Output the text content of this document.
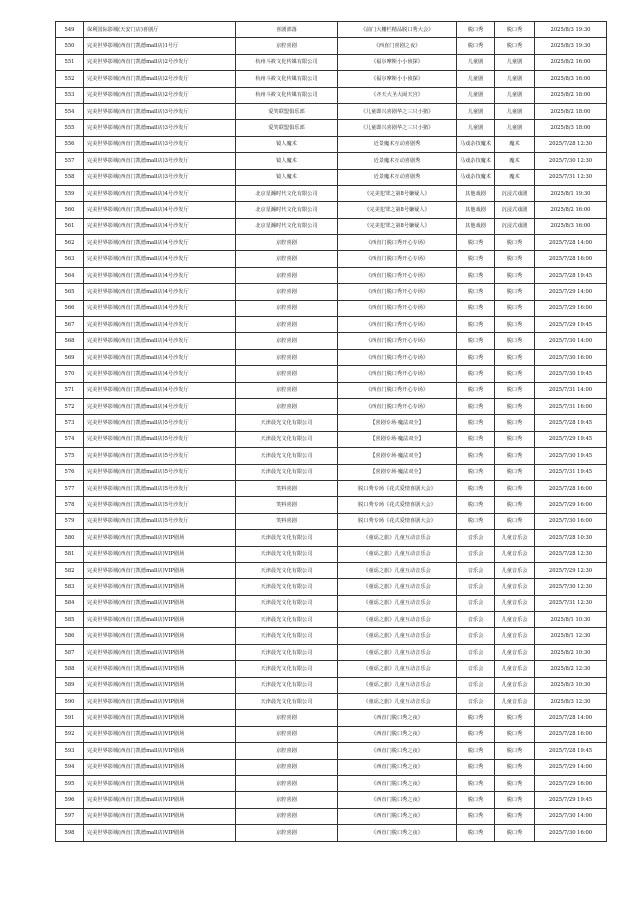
549	保利国际影城(天安门店)喜剧厅	喜剧部落	《前门大栅栏精品脱口秀大会》	脱口秀	脱口秀	2025/8/3 19:30
550	完美世界影城(西直门凯德mall店)1号厅	京腔喜剧	《西直门喜剧之夜》	脱口秀	脱口秀	2025/8/3 19:30
551	完美世界影城(西直门凯德mall店)2号沙发厅	杭州斗筱文化传媒有限公司	《福尔摩斯小小侦探》	儿童剧	儿童剧	2025/8/2 16:00
552	完美世界影城(西直门凯德mall店)2号沙发厅	杭州斗筱文化传媒有限公司	《福尔摩斯小小侦探》	儿童剧	儿童剧	2025/8/3 16:00
553	完美世界影城(西直门凯德mall店)2号沙发厅	杭州斗筱文化传媒有限公司	《齐天大圣大闹天宫》	儿童剧	儿童剧	2025/8/2 18:00
554	完美世界影城(西直门凯德mall店)3号沙发厅	爱笑联盟俱乐部	《儿童即兴喜剧华之三只小猪》	儿童剧	儿童剧	2025/8/2 18:00
555	完美世界影城(西直门凯德mall店)3号沙发厅	爱笑联盟俱乐部	《儿童即兴喜剧华之三只小猪》	儿童剧	儿童剧	2025/8/3 18:00
556	完美世界影城(西直门凯德mall店)3号沙发厅	镜人魔术	近景魔术互动喜剧秀	马戏杂技魔术	魔术	2025/7/28 12:30
557	完美世界影城(西直门凯德mall店)3号沙发厅	镜人魔术	近景魔术互动喜剧秀	马戏杂技魔术	魔术	2025/7/30 12:30
558	完美世界影城(西直门凯德mall店)3号沙发厅	镜人魔术	近景魔术互动喜剧秀	马戏杂技魔术	魔术	2025/7/31 12:30
559	完美世界影城(西直门凯德mall店)4号沙发厅	北京星瀚时代文化有限公司	《完美犯罪之第8号嫌疑人》	其他戏剧	沉浸式戏剧	2025/8/1 19:30
560	完美世界影城(西直门凯德mall店)4号沙发厅	北京星瀚时代文化有限公司	《完美犯罪之第8号嫌疑人》	其他戏剧	沉浸式戏剧	2025/8/2 16:00
561	完美世界影城(西直门凯德mall店)4号沙发厅	北京星瀚时代文化有限公司	《完美犯罪之第8号嫌疑人》	其他戏剧	沉浸式戏剧	2025/8/3 16:00
562	完美世界影城(西直门凯德mall店)4号沙发厅	京腔喜剧	《西直门脱口秀开心专场》	脱口秀	脱口秀	2025/7/28 14:00
563	完美世界影城(西直门凯德mall店)4号沙发厅	京腔喜剧	《西直门脱口秀开心专场》	脱口秀	脱口秀	2025/7/28 16:00
564	完美世界影城(西直门凯德mall店)4号沙发厅	京腔喜剧	《西直门脱口秀开心专场》	脱口秀	脱口秀	2025/7/28 19:45
565	完美世界影城(西直门凯德mall店)4号沙发厅	京腔喜剧	《西直门脱口秀开心专场》	脱口秀	脱口秀	2025/7/29 14:00
566	完美世界影城(西直门凯德mall店)4号沙发厅	京腔喜剧	《西直门脱口秀开心专场》	脱口秀	脱口秀	2025/7/29 16:00
567	完美世界影城(西直门凯德mall店)4号沙发厅	京腔喜剧	《西直门脱口秀开心专场》	脱口秀	脱口秀	2025/7/29 19:45
568	完美世界影城(西直门凯德mall店)4号沙发厅	京腔喜剧	《西直门脱口秀开心专场》	脱口秀	脱口秀	2025/7/30 14:00
569	完美世界影城(西直门凯德mall店)4号沙发厅	京腔喜剧	《西直门脱口秀开心专场》	脱口秀	脱口秀	2025/7/30 16:00
570	完美世界影城(西直门凯德mall店)4号沙发厅	京腔喜剧	《西直门脱口秀开心专场》	脱口秀	脱口秀	2025/7/30 19:45
571	完美世界影城(西直门凯德mall店)4号沙发厅	京腔喜剧	《西直门脱口秀开心专场》	脱口秀	脱口秀	2025/7/31 14:00
572	完美世界影城(西直门凯德mall店)4号沙发厅	京腔喜剧	《西直门脱口秀开心专场》	脱口秀	脱口秀	2025/7/31 16:00
573	完美世界影城(西直门凯德mall店)5号沙发厅	天津晨光文化有限公司	【喜剧专场·魔法双全】	脱口秀	脱口秀	2025/7/28 19:45
574	完美世界影城(西直门凯德mall店)5号沙发厅	天津晨光文化有限公司	【喜剧专场·魔法双全】	脱口秀	脱口秀	2025/7/29 19:45
575	完美世界影城(西直门凯德mall店)5号沙发厅	天津晨光文化有限公司	【喜剧专场·魔法双全】	脱口秀	脱口秀	2025/7/30 19:45
576	完美世界影城(西直门凯德mall店)5号沙发厅	天津晨光文化有限公司	【喜剧专场·魔法双全】	脱口秀	脱口秀	2025/7/31 19:45
577	完美世界影城(西直门凯德mall店)5号沙发厅	笑料喜剧	脱口秀专场《花式爱情喜剧大会》	脱口秀	脱口秀	2025/7/28 16:00
578	完美世界影城(西直门凯德mall店)5号沙发厅	笑料喜剧	脱口秀专场《花式爱情喜剧大会》	脱口秀	脱口秀	2025/7/29 16:00
579	完美世界影城(西直门凯德mall店)5号沙发厅	笑料喜剧	脱口秀专场《花式爱情喜剧大会》	脱口秀	脱口秀	2025/7/30 16:00
580	完美世界影城(西直门凯德mall店)VIP剧场	天津晨光文化有限公司	《童谣之旅》儿童互动音乐会	音乐会	儿童音乐会	2025/7/28 10:30
581	完美世界影城(西直门凯德mall店)VIP剧场	天津晨光文化有限公司	《童谣之旅》儿童互动音乐会	音乐会	儿童音乐会	2025/7/28 12:30
582	完美世界影城(西直门凯德mall店)VIP剧场	天津晨光文化有限公司	《童谣之旅》儿童互动音乐会	音乐会	儿童音乐会	2025/7/29 12:30
583	完美世界影城(西直门凯德mall店)VIP剧场	天津晨光文化有限公司	《童谣之旅》儿童互动音乐会	音乐会	儿童音乐会	2025/7/30 12:30
584	完美世界影城(西直门凯德mall店)VIP剧场	天津晨光文化有限公司	《童谣之旅》儿童互动音乐会	音乐会	儿童音乐会	2025/7/31 12:30
585	完美世界影城(西直门凯德mall店)VIP剧场	天津晨光文化有限公司	《童谣之旅》儿童互动音乐会	音乐会	儿童音乐会	2025/8/1 10:30
586	完美世界影城(西直门凯德mall店)VIP剧场	天津晨光文化有限公司	《童谣之旅》儿童互动音乐会	音乐会	儿童音乐会	2025/8/1 12:30
587	完美世界影城(西直门凯德mall店)VIP剧场	天津晨光文化有限公司	《童谣之旅》儿童互动音乐会	音乐会	儿童音乐会	2025/8/2 10:30
588	完美世界影城(西直门凯德mall店)VIP剧场	天津晨光文化有限公司	《童谣之旅》儿童互动音乐会	音乐会	儿童音乐会	2025/8/2 12:30
589	完美世界影城(西直门凯德mall店)VIP剧场	天津晨光文化有限公司	《童谣之旅》儿童互动音乐会	音乐会	儿童音乐会	2025/8/3 10:30
590	完美世界影城(西直门凯德mall店)VIP剧场	天津晨光文化有限公司	《童谣之旅》儿童互动音乐会	音乐会	儿童音乐会	2025/8/3 12:30
591	完美世界影城(西直门凯德mall店)VIP剧场	京腔喜剧	《西直门脱口秀之夜》	脱口秀	脱口秀	2025/7/28 14:00
592	完美世界影城(西直门凯德mall店)VIP剧场	京腔喜剧	《西直门脱口秀之夜》	脱口秀	脱口秀	2025/7/28 16:00
593	完美世界影城(西直门凯德mall店)VIP剧场	京腔喜剧	《西直门脱口秀之夜》	脱口秀	脱口秀	2025/7/28 19:45
594	完美世界影城(西直门凯德mall店)VIP剧场	京腔喜剧	《西直门脱口秀之夜》	脱口秀	脱口秀	2025/7/29 14:00
595	完美世界影城(西直门凯德mall店)VIP剧场	京腔喜剧	《西直门脱口秀之夜》	脱口秀	脱口秀	2025/7/29 16:00
596	完美世界影城(西直门凯德mall店)VIP剧场	京腔喜剧	《西直门脱口秀之夜》	脱口秀	脱口秀	2025/7/29 19:45
597	完美世界影城(西直门凯德mall店)VIP剧场	京腔喜剧	《西直门脱口秀之夜》	脱口秀	脱口秀	2025/7/30 14:00
598	完美世界影城(西直门凯德mall店)VIP剧场	京腔喜剧	《西直门脱口秀之夜》	脱口秀	脱口秀	2025/7/30 16:00
